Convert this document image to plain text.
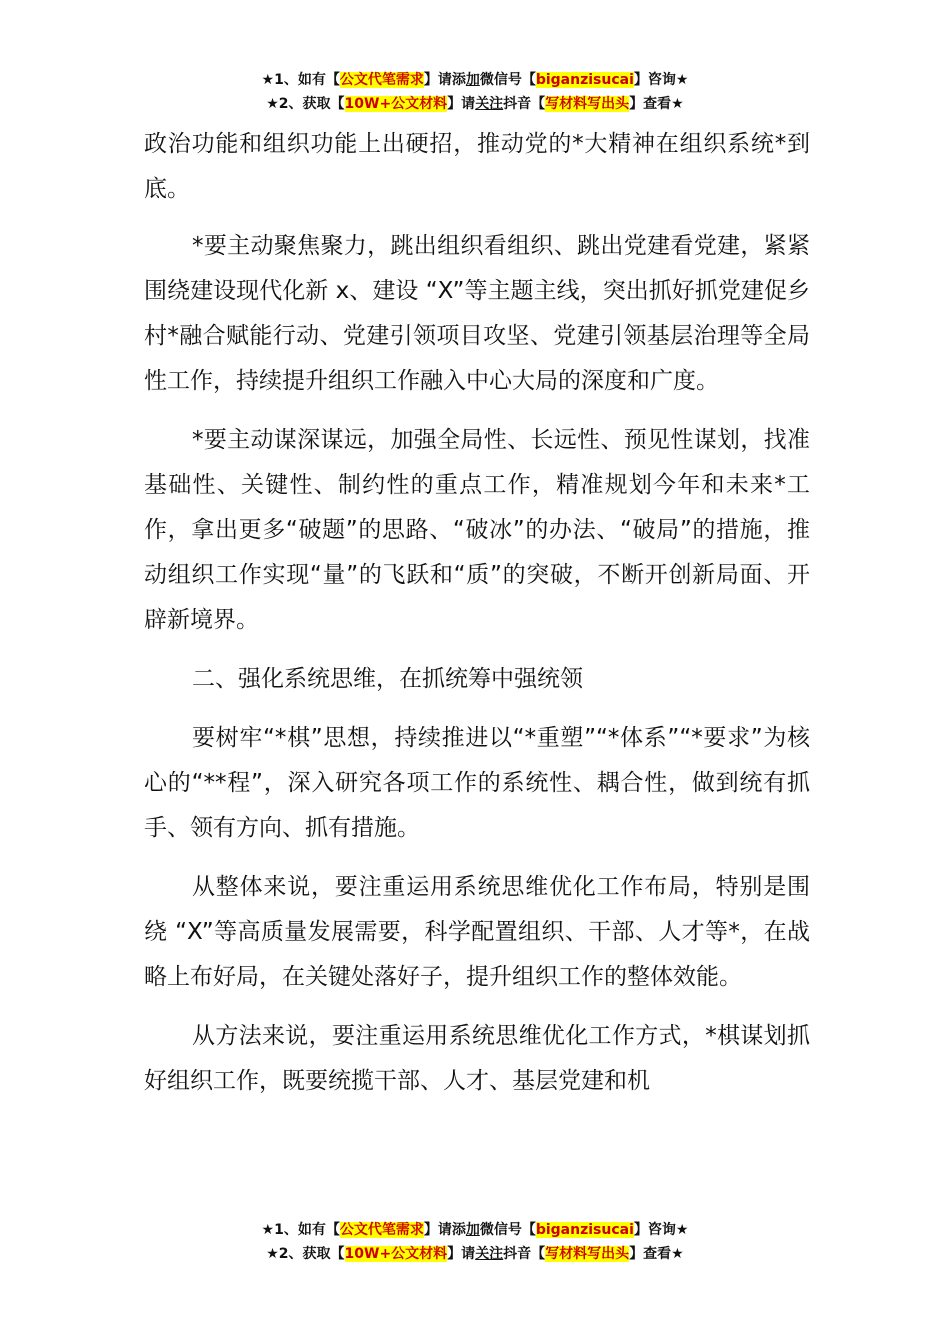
★1、如有【公文代笔需求】请添加微信号【biganzisucai】咨询★
★2、获取【10W+公文材料】请关注抖音【写材料写出头】查看★

政治功能和组织功能上出硬招，推动党的*大精神在组织系统*到底。

*要主动聚焦聚力，跳出组织看组织、跳出党建看党建，紧紧围绕建设现代化新 x、建设 “X”等主题主线，突出抓好抓党建促乡村*融合赋能行动、党建引领项目攻坚、党建引领基层治理等全局性工作，持续提升组织工作融入中心大局的深度和广度。

*要主动谋深谋远，加强全局性、长远性、预见性谋划，找准基础性、关键性、制约性的重点工作，精准规划今年和未来*工作，拿出更多“破题”的思路、“破冰”的办法、“破局”的措施，推动组织工作实现“量”的飞跃和“质”的突破，不断开创新局面、开辟新境界。

二、强化系统思维，在抓统筹中强统领

要树牢“*棋”思想，持续推进以“*重塑”“*体系”“*要求”为核心的“**程”，深入研究各项工作的系统性、耦合性，做到统有抓手、领有方向、抓有措施。

从整体来说，要注重运用系统思维优化工作布局，特别是围绕 “X”等高质量发展需要，科学配置组织、干部、人才等*，在战略上布好局，在关键处落好子，提升组织工作的整体效能。

从方法来说，要注重运用系统思维优化工作方式，*棋谋划抓好组织工作，既要统揽干部、人才、基层党建和机

★1、如有【公文代笔需求】请添加微信号【biganzisucai】咨询★
★2、获取【10W+公文材料】请关注抖音【写材料写出头】查看★
